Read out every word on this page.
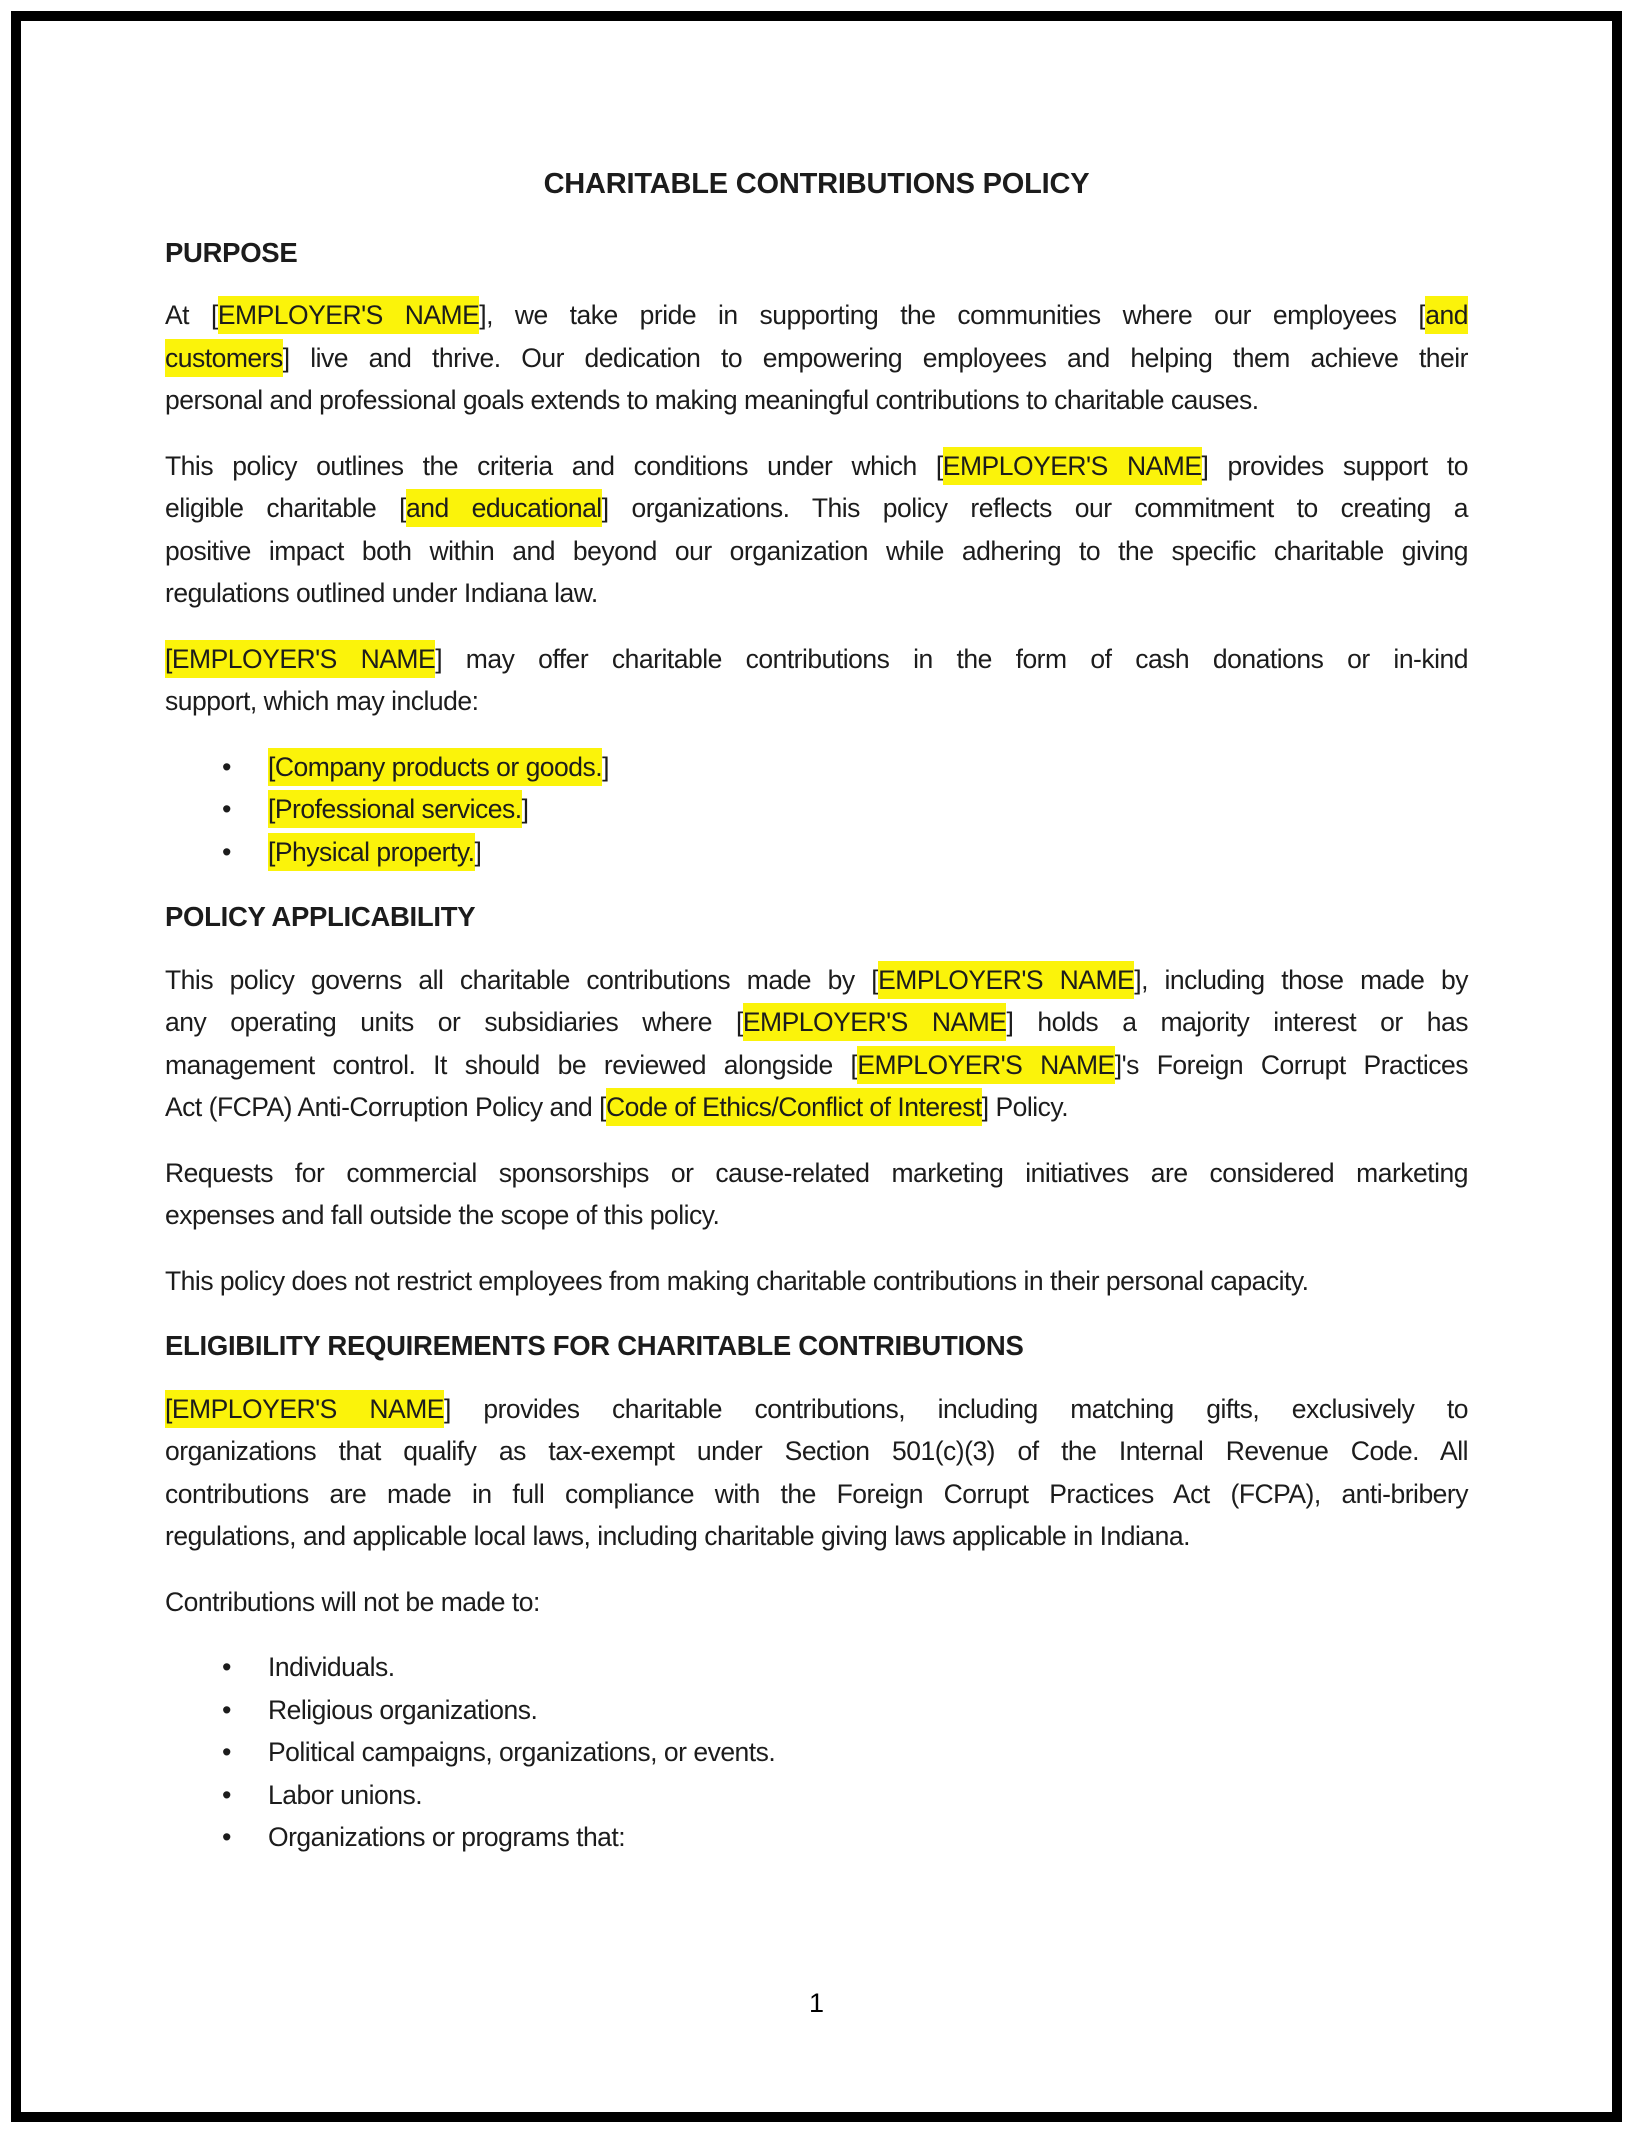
CHARITABLE CONTRIBUTIONS POLICY
PURPOSE
At [EMPLOYER'S NAME], we take pride in supporting the communities where our employees [and
customers] live and thrive. Our dedication to empowering employees and helping them achieve their
personal and professional goals extends to making meaningful contributions to charitable causes.
This policy outlines the criteria and conditions under which [EMPLOYER'S NAME] provides support to
eligible charitable [and educational] organizations. This policy reflects our commitment to creating a
positive impact both within and beyond our organization while adhering to the specific charitable giving
regulations outlined under Indiana law.
[EMPLOYER'S NAME] may offer charitable contributions in the form of cash donations or in-kind
support, which may include:
• [Company products or goods.]
• [Professional services.]
• [Physical property.]
POLICY APPLICABILITY
This policy governs all charitable contributions made by [EMPLOYER'S NAME], including those made by
any operating units or subsidiaries where [EMPLOYER'S NAME] holds a majority interest or has
management control. It should be reviewed alongside [EMPLOYER'S NAME]'s Foreign Corrupt Practices
Act (FCPA) Anti-Corruption Policy and [Code of Ethics/Conflict of Interest] Policy.
Requests for commercial sponsorships or cause-related marketing initiatives are considered marketing
expenses and fall outside the scope of this policy.
This policy does not restrict employees from making charitable contributions in their personal capacity.
ELIGIBILITY REQUIREMENTS FOR CHARITABLE CONTRIBUTIONS
[EMPLOYER'S NAME] provides charitable contributions, including matching gifts, exclusively to
organizations that qualify as tax-exempt under Section 501(c)(3) of the Internal Revenue Code. All
contributions are made in full compliance with the Foreign Corrupt Practices Act (FCPA), anti-bribery
regulations, and applicable local laws, including charitable giving laws applicable in Indiana.
Contributions will not be made to:
• Individuals.
• Religious organizations.
• Political campaigns, organizations, or events.
• Labor unions.
• Organizations or programs that:
1
